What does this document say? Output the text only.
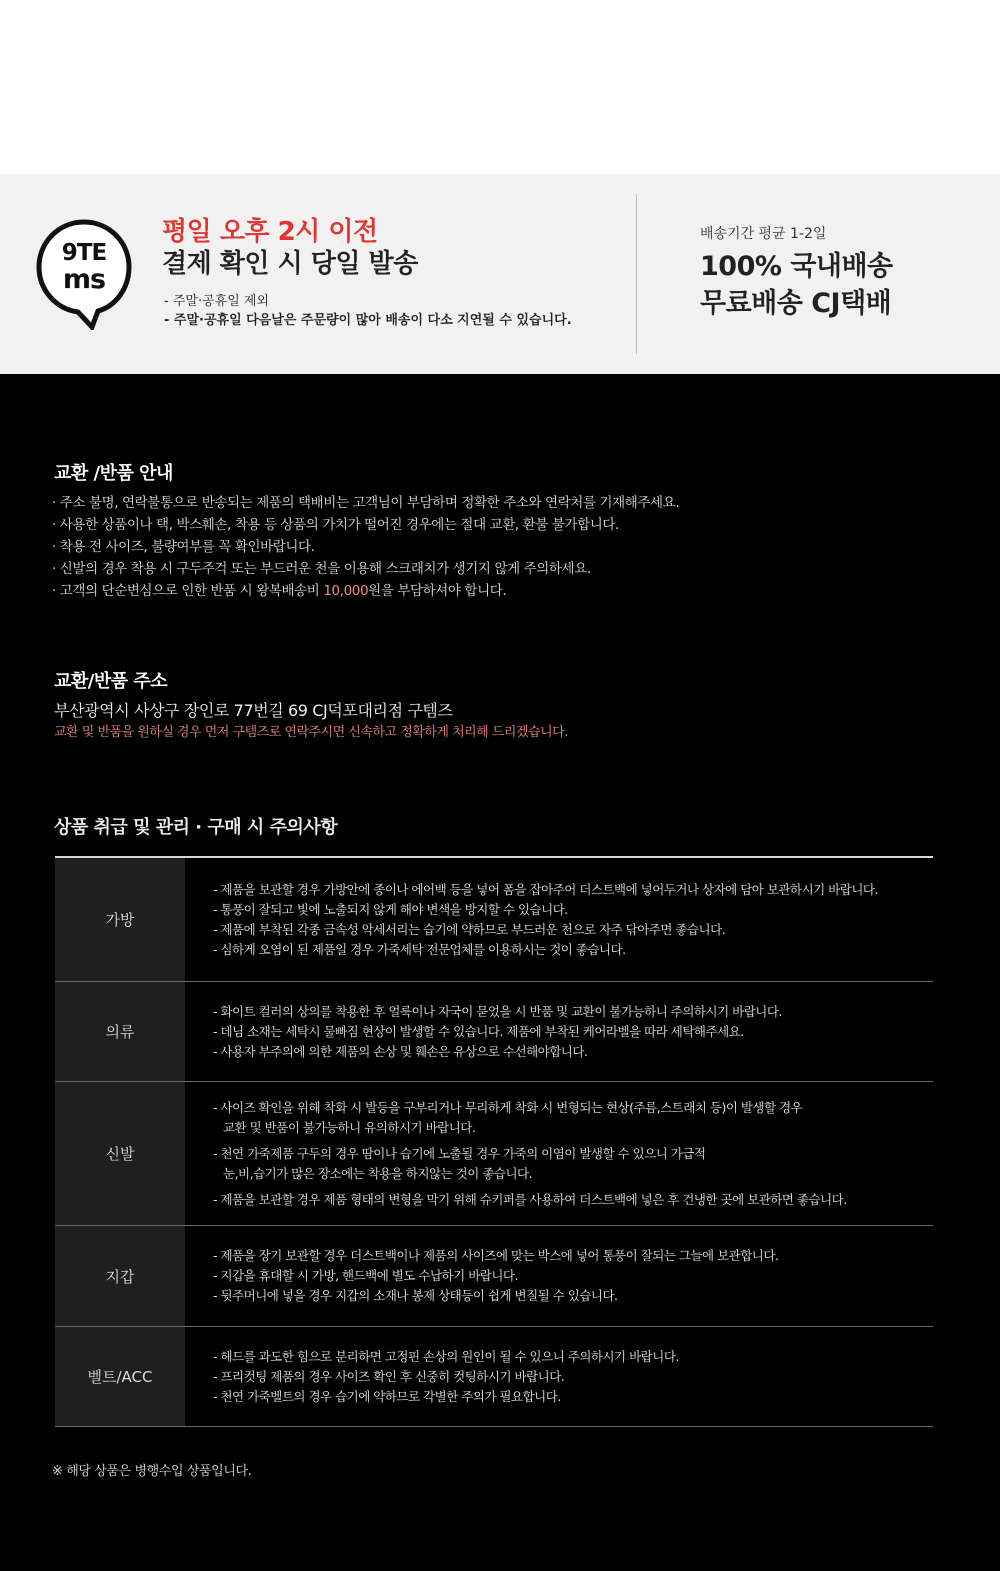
9TE
ms
평일 오후 2시 이전
결제 확인 시 당일 발송
- 주말·공휴일 제외
- 주말·공휴일 다음날은 주문량이 많아 배송이 다소 지연될 수 있습니다.
배송기간 평균 1-2일
100% 국내배송
무료배송 CJ택배
교환 /반품 안내
· 주소 불명, 연락불통으로 반송되는 제품의 택배비는 고객님이 부담하며 정확한 주소와 연락처를 기재해주세요.
· 사용한 상품이나 택, 박스훼손, 착용 등 상품의 가치가 떨어진 경우에는 절대 교환, 환불 불가합니다.
· 착용 전 사이즈, 불량여부를 꼭 확인바랍니다.
· 신발의 경우 착용 시 구두주걱 또는 부드러운 천을 이용해 스크래치가 생기지 않게 주의하세요.
· 고객의 단순변심으로 인한 반품 시 왕복배송비 10,000원을 부담하셔야 합니다.
교환/반품 주소
부산광역시 사상구 장인로 77번길 69 CJ덕포대리점 구템즈
교환 및 반품을 원하실 경우 먼저 구템즈로 연락주시면 신속하고 정확하게 처리해 드리겠습니다.
상품 취급 및 관리 · 구매 시 주의사항
가방
- 제품을 보관할 경우 가방안에 종이나 에어백 등을 넣어 폼을 잡아주어 더스트백에 넣어두거나 상자에 담아 보관하시기 바랍니다.
- 통풍이 잘되고 빛에 노출되지 않게 해야 변색을 방지할 수 있습니다.
- 제품에 부착된 각종 금속성 악세서리는 습기에 약하므로 부드러운 천으로 자주 닦아주면 좋습니다.
- 심하게 오염이 된 제품일 경우 가죽세탁 전문업체를 이용하시는 것이 좋습니다.
의류
- 화이트 컬러의 상의를 착용한 후 얼룩이나 자국이 묻었을 시 반품 및 교환이 불가능하니 주의하시기 바랍니다.
- 데님 소재는 세탁시 물빠짐 현상이 발생할 수 있습니다. 제품에 부착된 케어라벨을 따라 세탁해주세요.
- 사용자 부주의에 의한 제품의 손상 및 훼손은 유상으로 수선해야합니다.
신발
- 사이즈 확인을 위해 착화 시 발등을 구부리거나 무리하게 착화 시 변형되는 현상(주름,스트래치 등)이 발생할 경우
교환 및 반품이 불가능하니 유의하시기 바랍니다.
- 천연 가죽제품 구두의 경우 땀이나 습기에 노출될 경우 가죽의 이염이 발생할 수 있으니 가급적
눈,비,습기가 많은 장소에는 착용을 하지않는 것이 좋습니다.
- 제품을 보관할 경우 제품 형태의 변형을 막기 위해 슈키퍼를 사용하여 더스트백에 넣은 후 건냉한 곳에 보관하면 좋습니다.
지갑
- 제품을 장기 보관할 경우 더스트백이나 제품의 사이즈에 맞는 박스에 넣어 통풍이 잘되는 그늘에 보관합니다.
- 지갑을 휴대할 시 가방, 핸드백에 별도 수납하기 바랍니다.
- 뒷주머니에 넣을 경우 지갑의 소재나 봉제 상태등이 쉽게 변질될 수 있습니다.
벨트/ACC
- 헤드를 과도한 힘으로 분리하면 고정핀 손상의 원인이 될 수 있으니 주의하시기 바랍니다.
- 프리컷팅 제품의 경우 사이즈 확인 후 신중히 컷팅하시기 바랍니다.
- 천연 가죽벨트의 경우 습기에 약하므로 각별한 주의가 필요합니다.
※ 해당 상품은 병행수입 상품입니다.
